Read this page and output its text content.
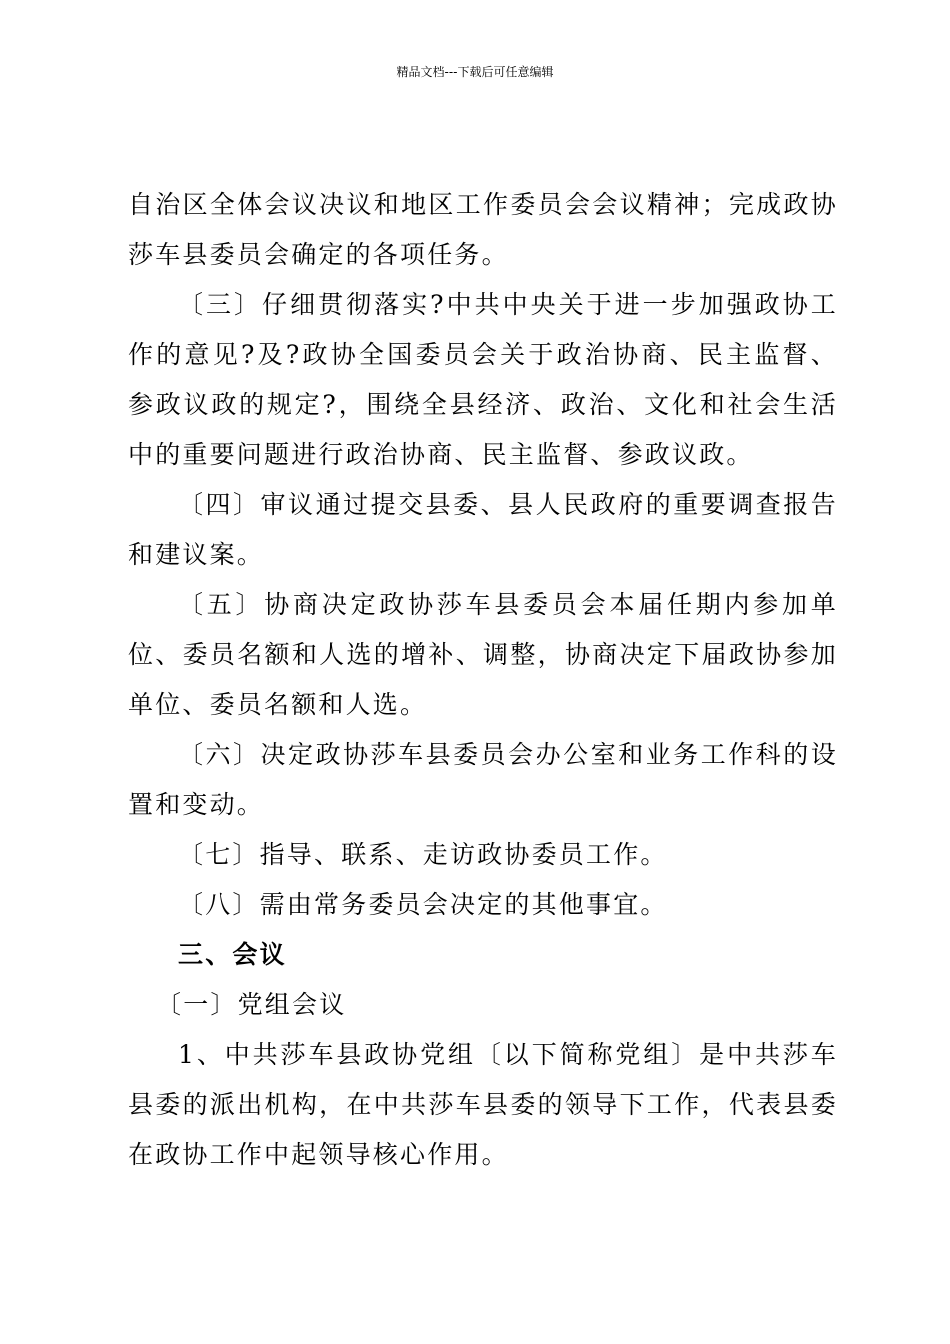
精品文档---下载后可任意编辑

自治区全体会议决议和地区工作委员会会议精神；完成政协莎车县委员会确定的各项任务。

〔三〕仔细贯彻落实?中共中央关于进一步加强政协工作的意见?及?政协全国委员会关于政治协商、民主监督、参政议政的规定?，围绕全县经济、政治、文化和社会生活中的重要问题进行政治协商、民主监督、参政议政。

〔四〕审议通过提交县委、县人民政府的重要调查报告和建议案。

〔五〕协商决定政协莎车县委员会本届任期内参加单位、委员名额和人选的增补、调整，协商决定下届政协参加单位、委员名额和人选。

〔六〕决定政协莎车县委员会办公室和业务工作科的设置和变动。

〔七〕指导、联系、走访政协委员工作。

〔八〕需由常务委员会决定的其他事宜。

三、会议

〔一〕党组会议

1、中共莎车县政协党组〔以下简称党组〕是中共莎车县委的派出机构，在中共莎车县委的领导下工作，代表县委在政协工作中起领导核心作用。
